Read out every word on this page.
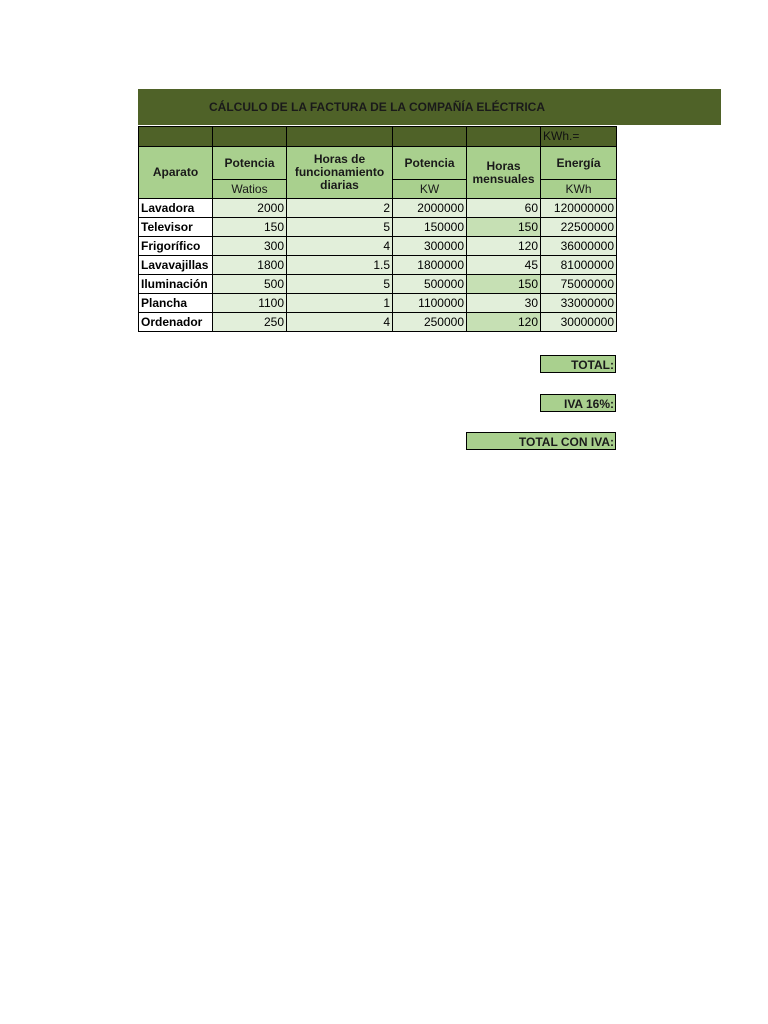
CÁLCULO DE LA FACTURA DE LA COMPAÑÍA ELÉCTRICA
					KWh.=
Aparato	Potencia	Horas de funcionamiento diarias	Potencia	Horas mensuales	Energía
	Watios		KW		KWh
Lavadora	2000	2	2000000	60	120000000
Televisor	150	5	150000	150	22500000
Frigorífico	300	4	300000	120	36000000
Lavavajillas	1800	1.5	1800000	45	81000000
Iluminación	500	5	500000	150	75000000
Plancha	1100	1	1100000	30	33000000
Ordenador	250	4	250000	120	30000000
TOTAL:
IVA 16%:
TOTAL CON IVA:
